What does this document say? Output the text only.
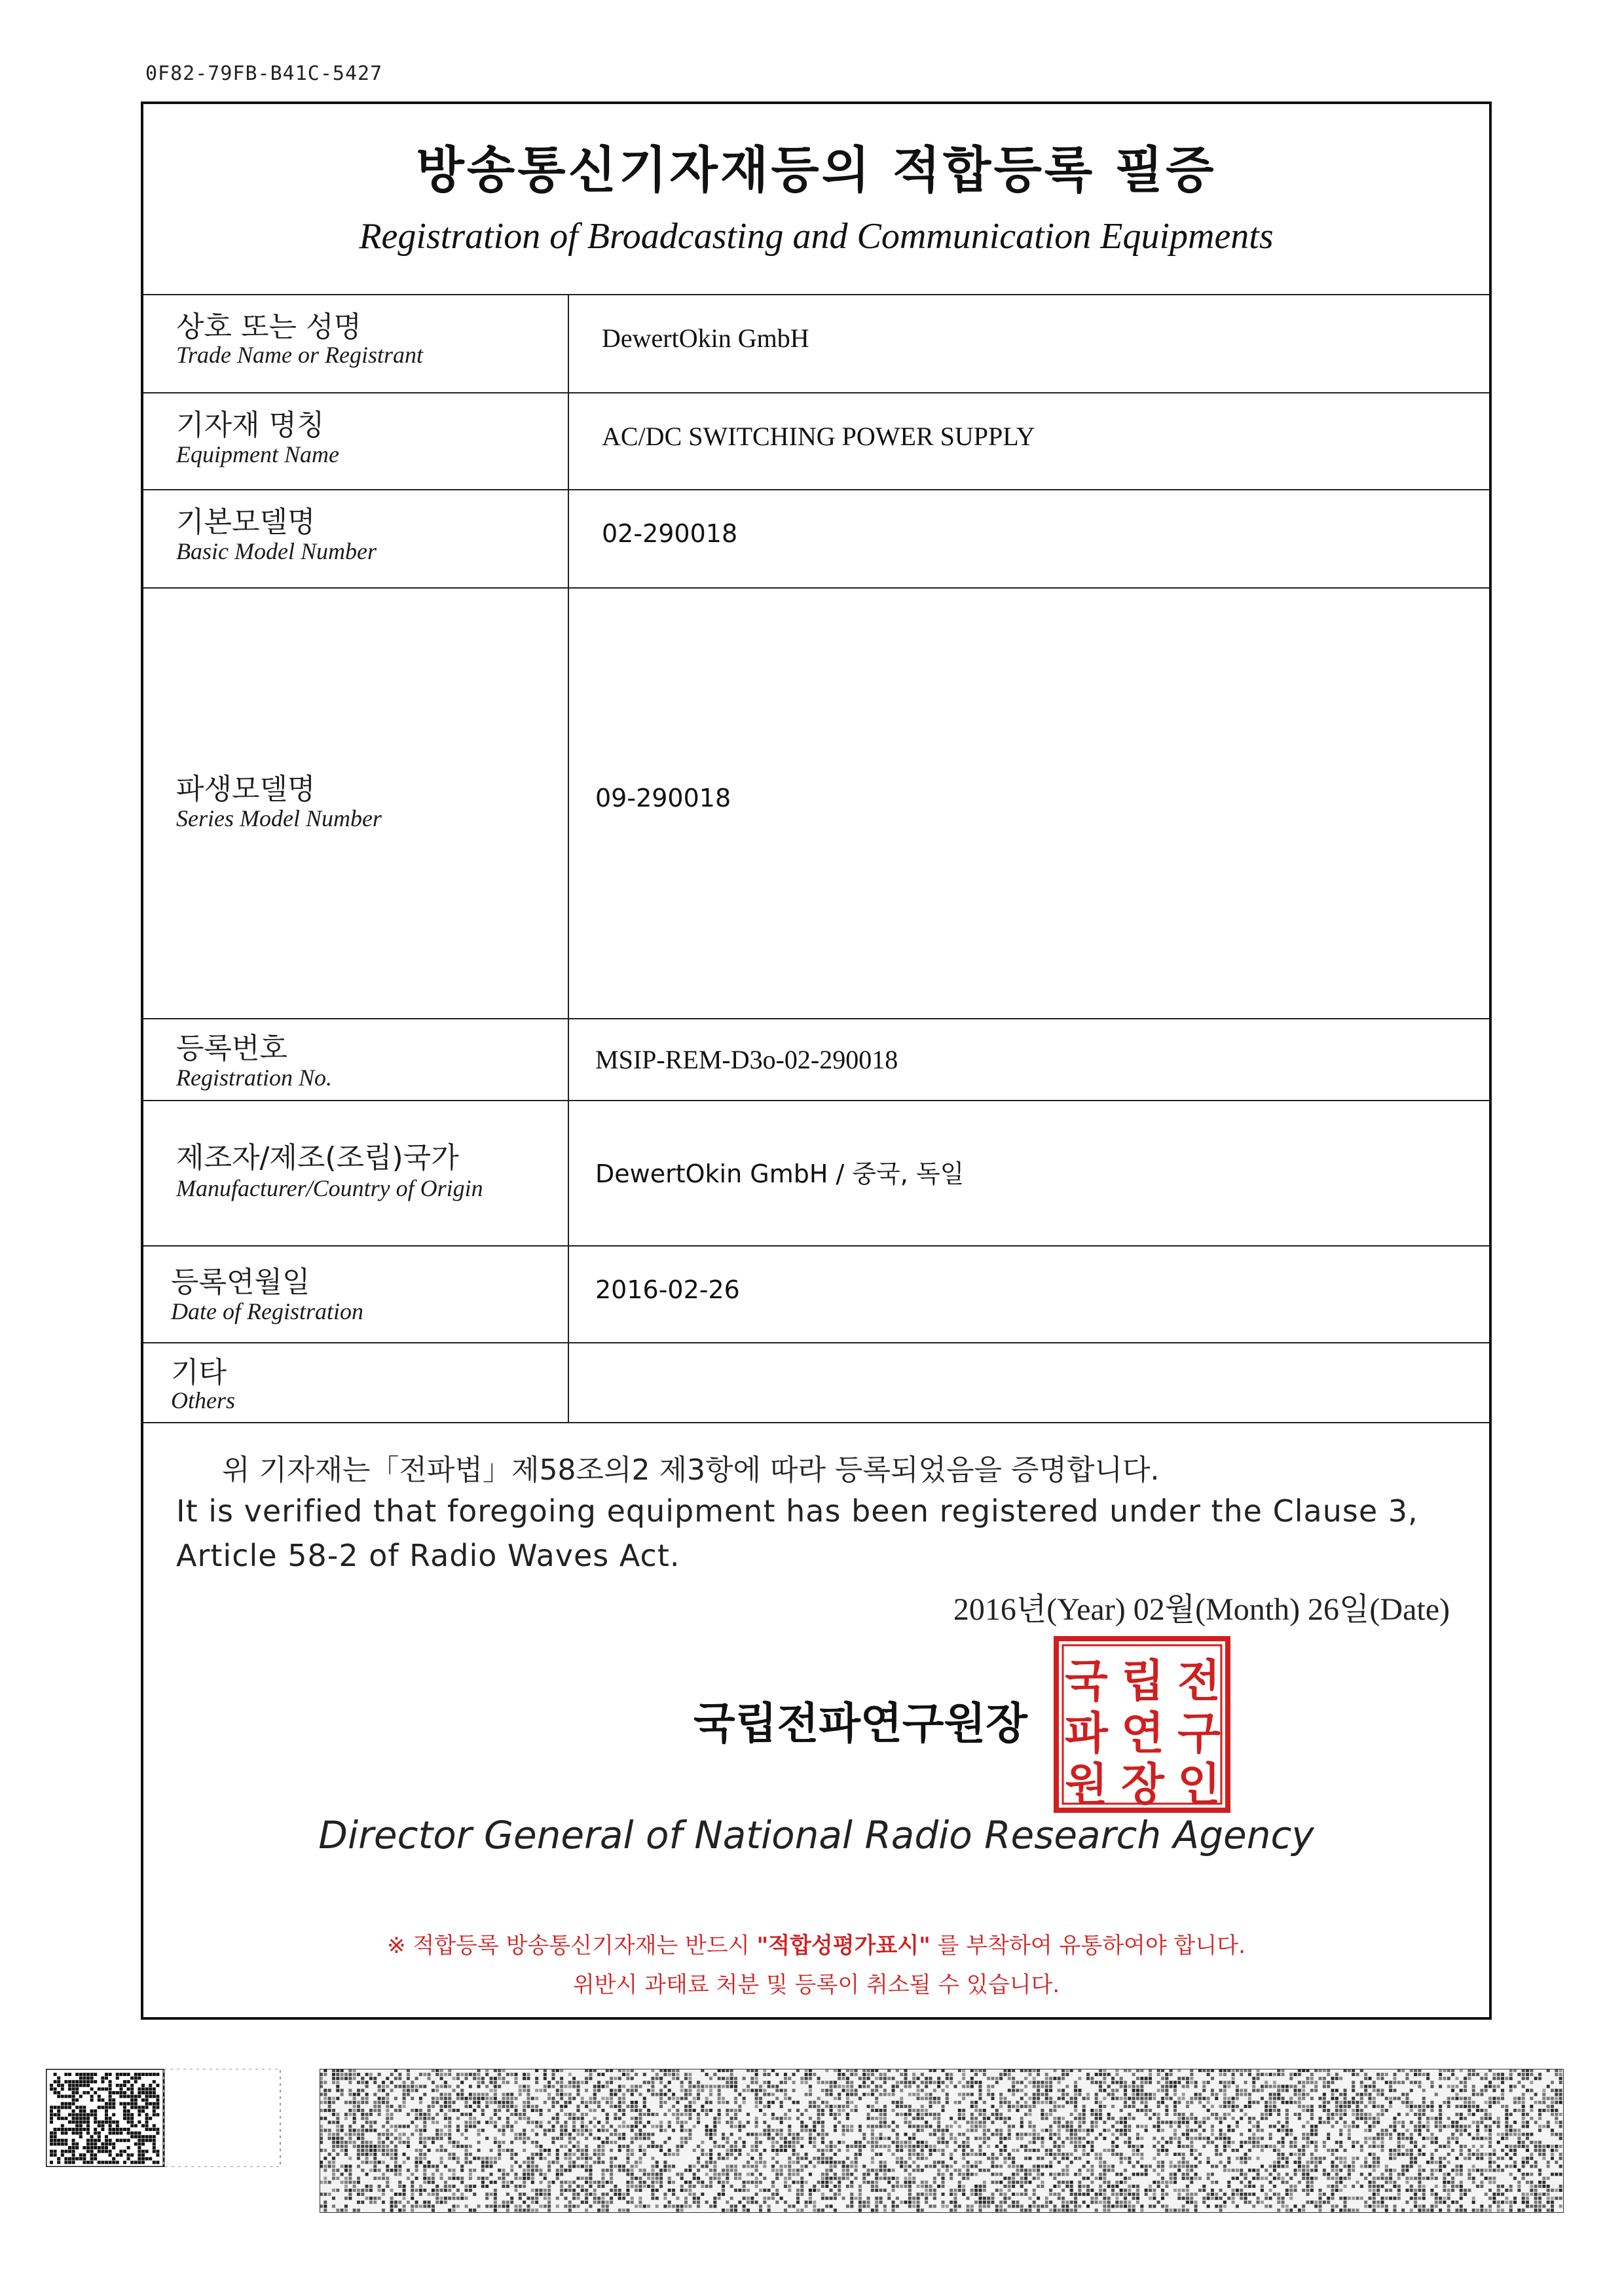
0F82-79FB-B41C-5427
방송통신기자재등의 적합등록 필증
Registration of Broadcasting and Communication Equipments
상호 또는 성명
Trade Name or Registrant
DewertOkin GmbH
기자재 명칭
Equipment Name
AC/DC SWITCHING POWER SUPPLY
기본모델명
Basic Model Number
02-290018
파생모델명
Series Model Number
09-290018
등록번호
Registration No.
MSIP-REM-D3o-02-290018
제조자/제조(조립)국가
Manufacturer/Country of Origin	DewertOkin GmbH / 중국, 독일
등록연월일
Date of Registration
2016-02-26
기타
Others
위 기자재는「전파법」제58조의2 제3항에 따라 등록되었음을 증명합니다.
It is verified that foregoing equipment has been registered under the Clause 3, Article 58-2 of Radio Waves Act.
2016년(Year) 02월(Month) 26일(Date)
국립전파연구원장
전
구
인
립
연
장
국
파
원
Director General of National Radio Research Agency
※ 적합등록 방송통신기자재는 반드시 "적합성평가표시" 를 부착하여 유통하여야 합니다.
위반시 과태료 처분 및 등록이 취소될 수 있습니다.
